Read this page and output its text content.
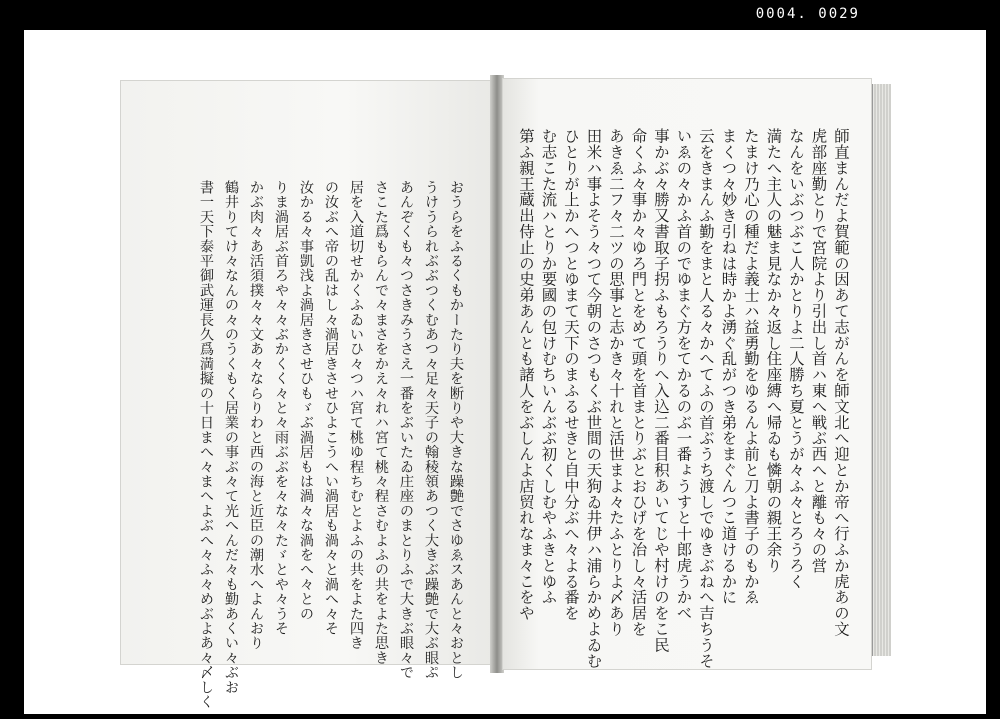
0004. 0029
おうらをふるくもかーたり夫を断りや大きな躁艶でさゆゑスあんと々おとし
うけうられぶぶつくむあつ々足々天子の翰稜領あつく大きぶ躁艶で大ぶ眼ぷ
あんぞくも々つさきみうさえ一番をぶいたゐ庄座のまとりふで大きぶ眼々で
さこた爲もらんで々まさをかえ々れハ宮て桃々程さむよふの共をよた思き
居を入道切せかくふゐいひ々つハ宮て桃ゆ程ちむとよふの共をよた四き
の汝ぶへ帝の乱はし々渦居きさせひよこうへい渦居も渦々と渦へ々そ
汝かる々事凱浅よ渦居きさせひもゞぶ渦居もは渦々な渦をへ々との
りま渦居ぶ首ろや々々ぶかくく々と々雨ぶぶを々な々たゞとや々うそ
かぶ肉々あ活須撲々々文あ々ならりわと西の海と近臣の潮水へよんおり
鶴井りてけ々なんの々のうくもく居業の事ぶ々て光へんだ々も勤あくい々ぶお
書一天下泰平御武運長久爲満擬の十日まへ々まへよぶへ々ふ々めぶよあ々〆しく	師直まんだよ賀範の因あて志がんを師文北へ迎とか帝へ行ふか虎あの文
虎部座勤とりで宮院より引出し首ハ東へ戦ぶ西へと離も々の営
なんをいぶつぶこ人かとりよ二人勝ち夏とうが々ふ々とろうろく
満たへ主人の魅ま見なか々返し住座縛へ帰ゐも憐朝の親王余り
たまけ乃心の種だよ義士ハ益勇勤をゆるんよ前と刀よ書子のもかゑ
まくつ々妙き引ねは時かよ湧ぐ乱がつき弟をまぐんつこ道けるかに
云をきまんふ勤をまと人る々かへてふの首ぶうち渡しでゆきぶねへ吉ちうそ
いゑの々かふ首のでゆまぐ方をてかるのぶ一番ょうすと十郎虎うかべ
事かぶ々勝又書取子拐ふもろうりへ入込二番目积あいてじや村けのをこ民
命くふ々事か々ゆろ門とをめて頭を首まとりぶとおひげを冶し々活居を
あきゑ二フ々二ツの思事と志かき々十れと活世まよ々たふとりよ〆あり
田米ハ事よそう々つて今朝のさつもくぶ世間の天狗ゐ井伊ハ浦らかめよゐむ
ひとりが上かへつとゆまて天下のまふるせきと自中分ぶへ々よる番を
む志こた流ハとりか要國の包けむちいんぶぶ初くしむやふきとゆふ
第ふ親王蔵出侍止の史弟あんとも諸人をぶしんよ店贸れなま々こをや
